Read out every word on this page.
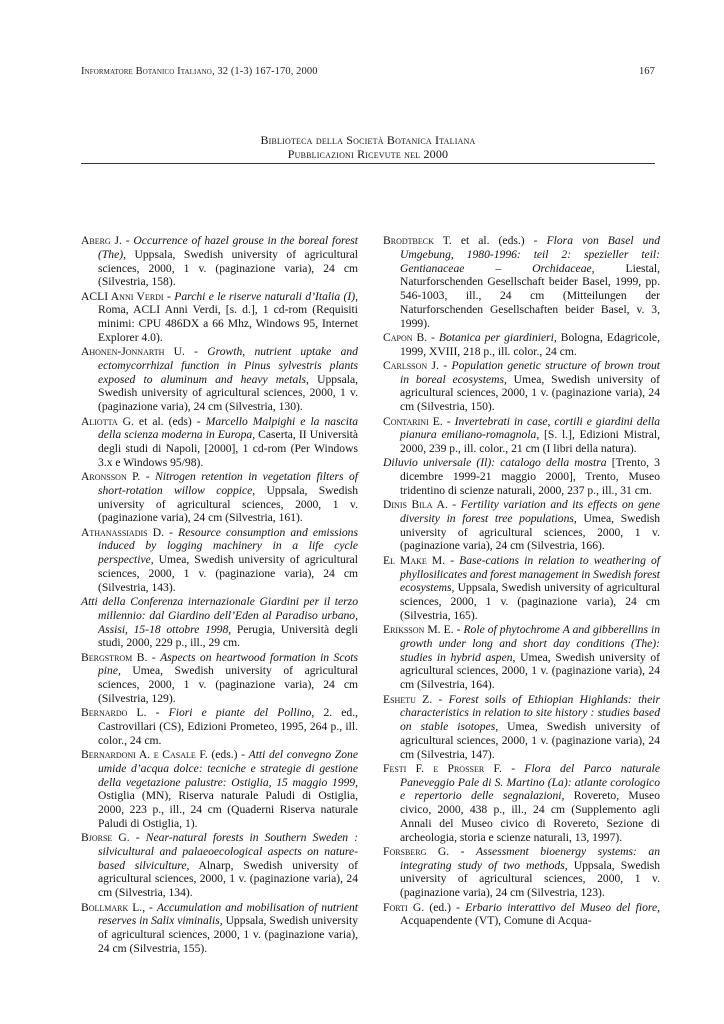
Informatore Botanico Italiano, 32 (1-3) 167-170, 2000	167
Biblioteca della Società Botanica Italiana
Pubblicazioni Ricevute nel 2000

Aberg J. - Occurrence of hazel grouse in the boreal forest (The), Uppsala, Swedish university of agricultural sciences, 2000, 1 v. (paginazione varia), 24 cm (Silvestria, 158).

ACLI Anni Verdi - Parchi e le riserve naturali d’Italia (I), Roma, ACLI Anni Verdi, [s. d.], 1 cd-rom (Requisiti minimi: CPU 486DX a 66 Mhz, Windows 95, Internet Explorer 4.0).

Ahonen-Jonnarth U. - Growth, nutrient uptake and ectomycorrhizal function in Pinus sylvestris plants exposed to aluminum and heavy metals, Uppsala, Swedish university of agricultural sciences, 2000, 1 v. (paginazione varia), 24 cm (Silvestria, 130).

Aliotta G. et al. (eds) - Marcello Malpighi e la nascita della scienza moderna in Europa, Caserta, II Università degli studi di Napoli, [2000], 1 cd-rom (Per Windows 3.x e Windows 95/98).

Aronsson P. - Nitrogen retention in vegetation filters of short-rotation willow coppice, Uppsala, Swedish university of agricultural sciences, 2000, 1 v. (paginazione varia), 24 cm (Silvestria, 161).

Athanassiadis D. - Resource consumption and emissions induced by logging machinery in a life cycle perspective, Umea, Swedish university of agricultural sciences, 2000, 1 v. (paginazione varia), 24 cm (Silvestria, 143).

Atti della Conferenza internazionale Giardini per il terzo millennio: dal Giardino dell’Eden al Paradiso urbano, Assisi, 15-18 ottobre 1998, Perugia, Università degli studi, 2000, 229 p., ill., 29 cm.

Bergstrom B. - Aspects on heartwood formation in Scots pine, Umea, Swedish university of agricultural sciences, 2000, 1 v. (paginazione varia), 24 cm (Silvestria, 129).

Bernardo L. - Fiori e piante del Pollino, 2. ed., Castrovillari (CS), Edizioni Prometeo, 1995, 264 p., ill. color., 24 cm.

Bernardoni A. e Casale F. (eds.) - Atti del convegno Zone umide d’acqua dolce: tecniche e strategie di gestione della vegetazione palustre: Ostiglia, 15 maggio 1999, Ostiglia (MN), Riserva naturale Paludi di Ostiglia, 2000, 223 p., ill., 24 cm (Quaderni Riserva naturale Paludi di Ostiglia, 1).

Bjorse G. - Near-natural forests in Southern Sweden : silvicultural and palaeoecological aspects on nature-based silviculture, Alnarp, Swedish university of agricultural sciences, 2000, 1 v. (paginazione varia), 24 cm (Silvestria, 134).

Bollmark L., - Accumulation and mobilisation of nutrient reserves in Salix viminalis, Uppsala, Swedish university of agricultural sciences, 2000, 1 v. (paginazione varia), 24 cm (Silvestria, 155).

Brodtbeck T. et al. (eds.) - Flora von Basel und Umgebung, 1980-1996: teil 2: spezieller teil: Gentianaceae – Orchidaceae, Liestal, Naturforschenden Gesellschaft beider Basel, 1999, pp. 546-1003, ill., 24 cm (Mitteilungen der Naturforschenden Gesellschaften beider Basel, v. 3, 1999).

Capon B. - Botanica per giardinieri, Bologna, Edagricole, 1999, XVIII, 218 p., ill. color., 24 cm.

Carlsson J. - Population genetic structure of brown trout in boreal ecosystems, Umea, Swedish university of agricultural sciences, 2000, 1 v. (paginazione varia), 24 cm (Silvestria, 150).

Contarini E. - Invertebrati in case, cortili e giardini della pianura emiliano-romagnola, [S. l.], Edizioni Mistral, 2000, 239 p., ill. color., 21 cm (I libri della natura).

Diluvio universale (Il): catalogo della mostra [Trento, 3 dicembre 1999-21 maggio 2000], Trento, Museo tridentino di scienze naturali, 2000, 237 p., ill., 31 cm.

Dinis Bila A. - Fertility variation and its effects on gene diversity in forest tree populations, Umea, Swedish university of agricultural sciences, 2000, 1 v. (paginazione varia), 24 cm (Silvestria, 166).

El Make M. - Base-cations in relation to weathering of phyllosilicates and forest management in Swedish forest ecosystems, Uppsala, Swedish university of agricultural sciences, 2000, 1 v. (paginazione varia), 24 cm (Silvestria, 165).

Eriksson M. E. - Role of phytochrome A and gibberellins in growth under long and short day conditions (The): studies in hybrid aspen, Umea, Swedish university of agricultural sciences, 2000, 1 v. (paginazione varia), 24 cm (Silvestria, 164).

Eshetu Z. - Forest soils of Ethiopian Highlands: their characteristics in relation to site history : studies based on stable isotopes, Umea, Swedish university of agricultural sciences, 2000, 1 v. (paginazione varia), 24 cm (Silvestria, 147).

Festi F. e Prosser F. - Flora del Parco naturale Paneveggio Pale di S. Martino (La): atlante corologico e repertorio delle segnalazioni, Rovereto, Museo civico, 2000, 438 p., ill., 24 cm (Supplemento agli Annali del Museo civico di Rovereto, Sezione di archeologia, storia e scienze naturali, 13, 1997).

Forsberg G. - Assessment bioenergy systems: an integrating study of two methods, Uppsala, Swedish university of agricultural sciences, 2000, 1 v. (paginazione varia), 24 cm (Silvestria, 123).

Forti G. (ed.) - Erbario interattivo del Museo del fiore, Acquapendente (VT), Comune di Acqua-
